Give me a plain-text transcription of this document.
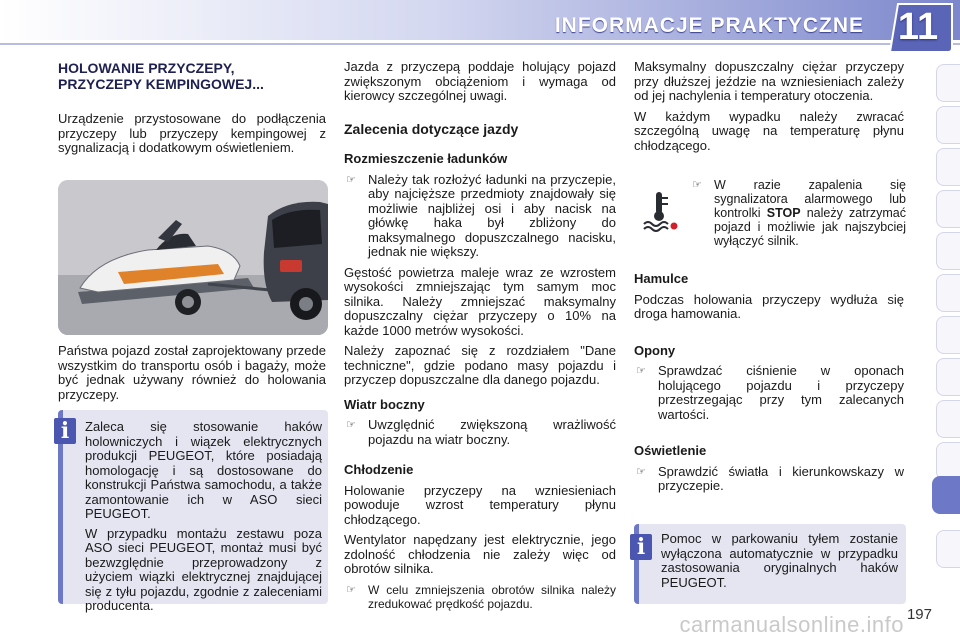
INFORMACJE PRAKTYCZNE 11
HOLOWANIE PRZYCZEPY,
PRZYCZEPY KEMPINGOWEJ...
Urządzenie przystosowane do podłączenia przyczepy lub przyczepy kempingowej z sygnalizacją i dodatkowym oświetleniem.
Państwa pojazd został zaprojektowany przede wszystkim do transportu osób i bagaży, może być jednak używany również do holowania przyczepy.
Zaleca się stosowanie haków holowniczych i wiązek elektrycznych produkcji PEUGEOT, które posiadają homologację i są dostosowane do konstrukcji Państwa samochodu, a także zamontowanie ich w ASO sieci PEUGEOT.
W przypadku montażu zestawu poza ASO sieci PEUGEOT, montaż musi być bezwzględnie przeprowadzony z użyciem wiązki elektrycznej znajdującej się z tyłu pojazdu, zgodnie z zaleceniami producenta.
i
Jazda z przyczepą poddaje holujący pojazd zwiększonym obciążeniom i wymaga od kierowcy szczególnej uwagi.
Zalecenia dotyczące jazdy
Rozmieszczenie ładunków
☞ Należy tak rozłożyć ładunki na przyczepie, aby najcięższe przedmioty znajdowały się możliwie najbliżej osi i aby nacisk na główkę haka był zbliżony do maksymalnego dopuszczalnego nacisku, jednak nie większy.
Gęstość powietrza maleje wraz ze wzrostem wysokości zmniejszając tym samym moc silnika. Należy zmniejszać maksymalny dopuszczalny ciężar przyczepy o 10% na każde 1000 metrów wysokości.
Należy zapoznać się z rozdziałem "Dane techniczne", gdzie podano masy pojazdu i przyczep dopuszczalne dla danego pojazdu.
Wiatr boczny
☞ Uwzględnić zwiększoną wrażliwość pojazdu na wiatr boczny.
Chłodzenie
Holowanie przyczepy na wzniesieniach powoduje wzrost temperatury płynu chłodzącego.
Wentylator napędzany jest elektrycznie, jego zdolność chłodzenia nie zależy więc od obrotów silnika.
☞	W celu zmniejszenia obrotów silnika należy zredukować prędkość pojazdu.
Maksymalny dopuszczalny ciężar przyczepy przy dłuższej jeździe na wzniesieniach zależy od jej nachylenia i temperatury otoczenia.
W każdym wypadku należy zwracać szczególną uwagę na temperaturę płynu chłodzącego.
☞ W razie zapalenia się sygnalizatora alarmowego lub kontrolki STOP należy zatrzymać pojazd i możliwie jak najszybciej wyłączyć silnik.
Hamulce
Podczas holowania przyczepy wydłuża się droga hamowania.
Opony
☞ Sprawdzać ciśnienie w oponach holującego pojazdu i przyczepy przestrzegając przy tym zalecanych wartości.
Oświetlenie
☞ Sprawdzić światła i kierunkowskazy w przyczepie.
Pomoc w parkowaniu tyłem zostanie wyłączona automatycznie w przypadku zastosowania oryginalnych haków PEUGEOT.
i
carmanualsonline.info 197
